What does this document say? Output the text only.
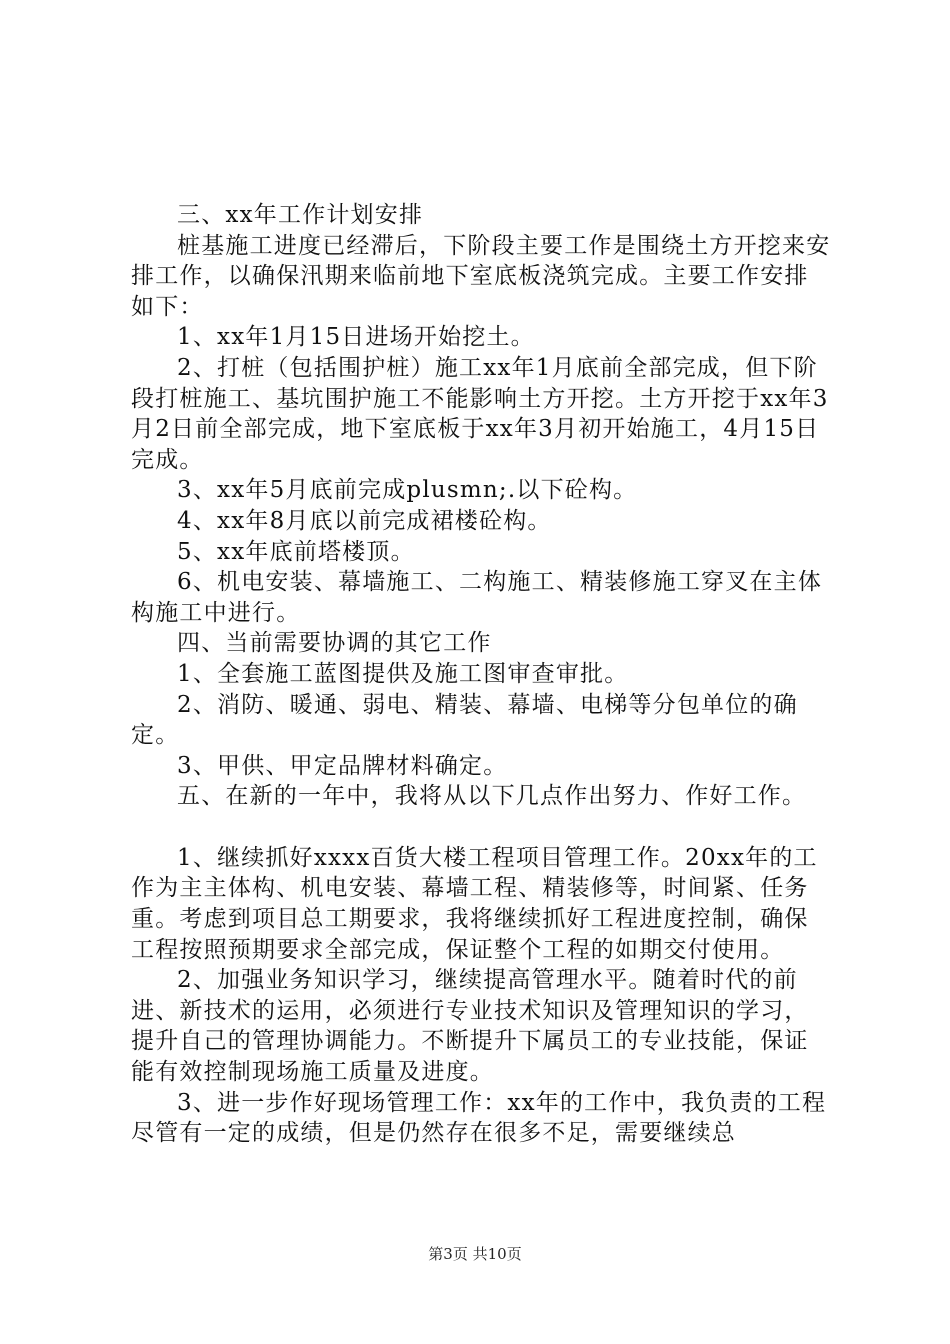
三、xx年工作计划安排

桩基施工进度已经滞后，下阶段主要工作是围绕土方开挖来安排工作，以确保汛期来临前地下室底板浇筑完成。主要工作安排如下：

1、xx年1月15日进场开始挖土。

2、打桩（包括围护桩）施工xx年1月底前全部完成，但下阶段打桩施工、基坑围护施工不能影响土方开挖。土方开挖于xx年3月2日前全部完成，地下室底板于xx年3月初开始施工，4月15日完成。

3、xx年5月底前完成plusmn;.以下砼构。

4、xx年8月底以前完成裙楼砼构。

5、xx年底前塔楼顶。

6、机电安装、幕墙施工、二构施工、精装修施工穿叉在主体构施工中进行。

四、当前需要协调的其它工作

1、全套施工蓝图提供及施工图审查审批。

2、消防、暖通、弱电、精装、幕墙、电梯等分包单位的确定。

3、甲供、甲定品牌材料确定。

五、在新的一年中，我将从以下几点作出努力、作好工作。

1、继续抓好xxxx百货大楼工程项目管理工作。20xx年的工作为主主体构、机电安装、幕墙工程、精装修等，时间紧、任务重。考虑到项目总工期要求，我将继续抓好工程进度控制，确保工程按照预期要求全部完成，保证整个工程的如期交付使用。

2、加强业务知识学习，继续提高管理水平。随着时代的前进、新技术的运用，必须进行专业技术知识及管理知识的学习，提升自己的管理协调能力。不断提升下属员工的专业技能，保证能有效控制现场施工质量及进度。

3、进一步作好现场管理工作：xx年的工作中，我负责的工程尽管有一定的成绩，但是仍然存在很多不足，需要继续总

第3页 共10页
